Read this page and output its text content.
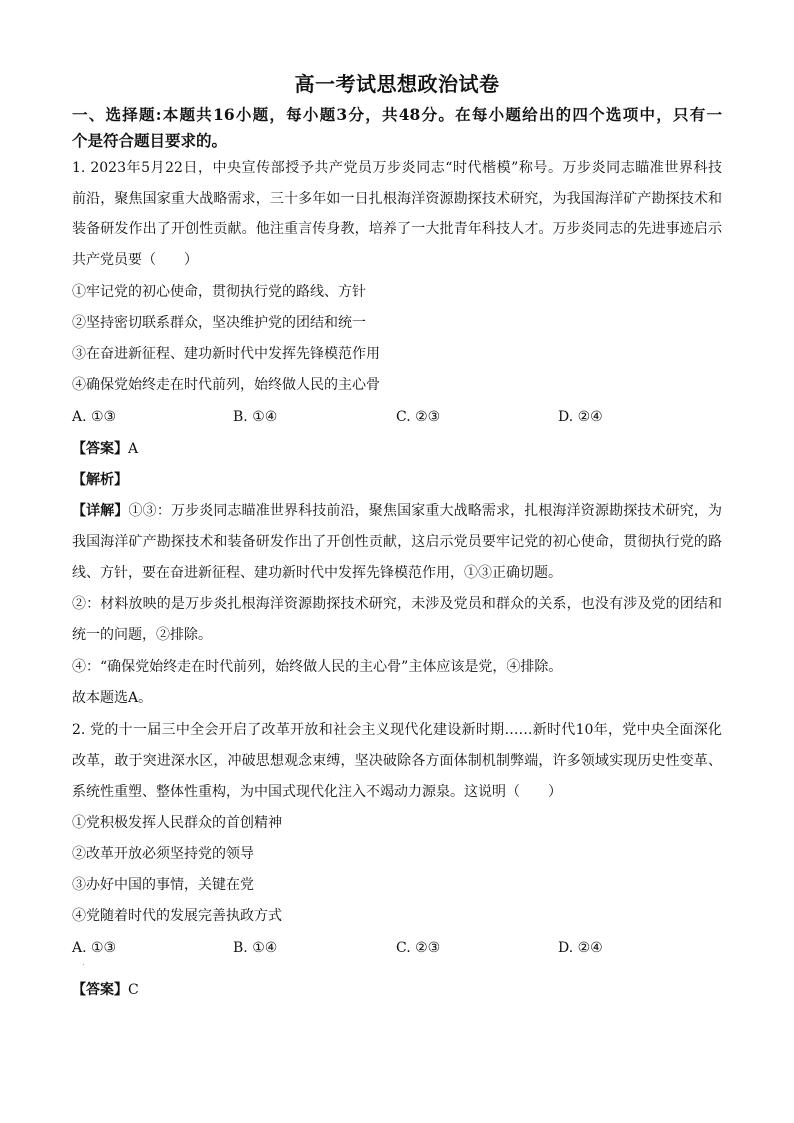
高一考试思想政治试卷
一、选择题:本题共16小题，每小题3分，共48分。在每小题给出的四个选项中，只有一
个是符合题目要求的。
1. 2023年5月22日，中央宣传部授予共产党员万步炎同志“时代楷模”称号。万步炎同志瞄准世界科技
前沿，聚焦国家重大战略需求，三十多年如一日扎根海洋资源勘探技术研究，为我国海洋矿产勘探技术和
装备研发作出了开创性贡献。他注重言传身教，培养了一大批青年科技人才。万步炎同志的先进事迹启示
共产党员要（　　）
①牢记党的初心使命，贯彻执行党的路线、方针
②坚持密切联系群众，坚决维护党的团结和统一
③在奋进新征程、建功新时代中发挥先锋模范作用
④确保党始终走在时代前列，始终做人民的主心骨
A. ①③	B. ①④	C. ②③	D. ②④
【答案】A
【解析】
【详解】①③：万步炎同志瞄准世界科技前沿，聚焦国家重大战略需求，扎根海洋资源勘探技术研究，为
我国海洋矿产勘探技术和装备研发作出了开创性贡献，这启示党员要牢记党的初心使命，贯彻执行党的路
线、方针，要在奋进新征程、建功新时代中发挥先锋模范作用，①③正确切题。
②：材料放映的是万步炎扎根海洋资源勘探技术研究，未涉及党员和群众的关系，也没有涉及党的团结和
统一的问题，②排除。
④：“确保党始终走在时代前列，始终做人民的主心骨”主体应该是党，④排除。
故本题选A。
2. 党的十一届三中全会开启了改革开放和社会主义现代化建设新时期……新时代10年，党中央全面深化
改革，敢于突进深水区，冲破思想观念束缚，坚决破除各方面体制机制弊端，许多领域实现历史性变革、
系统性重塑、整体性重构，为中国式现代化注入不竭动力源泉。这说明（　　）
①党积极发挥人民群众的首创精神
②改革开放必须坚持党的领导
③办好中国的事情，关键在党
④党随着时代的发展完善执政方式
A. ①③	B. ①④	C. ②③	D. ②④
.
【答案】C
